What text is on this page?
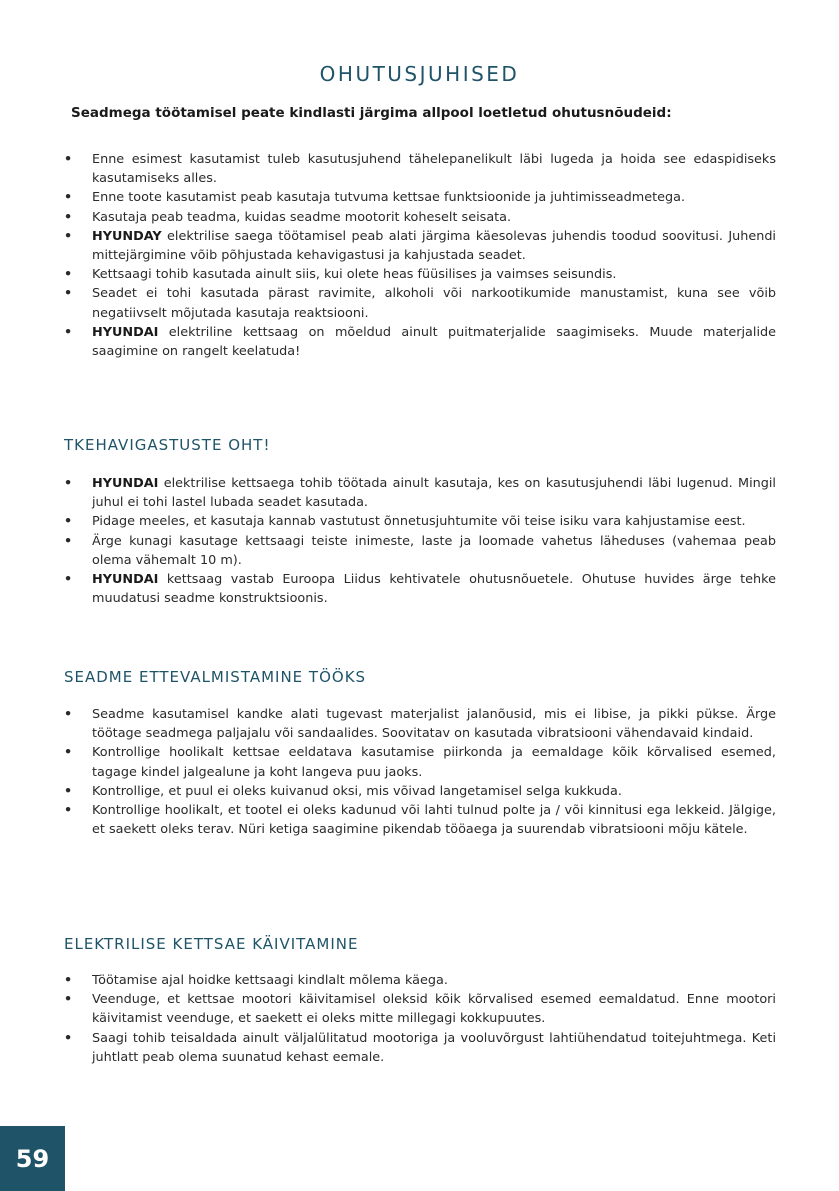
OHUTUSJUHISED
Seadmega töötamisel peate kindlasti järgima allpool loetletud ohutusnõudeid:
• Enne esimest kasutamist tuleb kasutusjuhend tähelepanelikult läbi lugeda ja hoida see edaspidiseks kasutamiseks alles.
• Enne toote kasutamist peab kasutaja tutvuma kettsae funktsioonide ja juhtimisseadmetega.
• Kasutaja peab teadma, kuidas seadme mootorit koheselt seisata.
• HYUNDAY elektrilise saega töötamisel peab alati järgima käesolevas juhendis toodud soovitusi. Juhendi mittejärgimine võib põhjustada kehavigastusi ja kahjustada seadet.
• Kettsaagi tohib kasutada ainult siis, kui olete heas füüsilises ja vaimses seisundis.
• Seadet ei tohi kasutada pärast ravimite, alkoholi või narkootikumide manustamist, kuna see võib negatiivselt mõjutada kasutaja reaktsiooni.
• HYUNDAI elektriline kettsaag on mõeldud ainult puitmaterjalide saagimiseks. Muude materjalide saagimine on rangelt keelatuda!
TKEHAVIGASTUSTE OHT!
• HYUNDAI elektrilise kettsaega tohib töötada ainult kasutaja, kes on kasutusjuhendi läbi lugenud. Mingil juhul ei tohi lastel lubada seadet kasutada.
• Pidage meeles, et kasutaja kannab vastutust õnnetusjuhtumite või teise isiku vara kahjustamise eest.
• Ärge kunagi kasutage kettsaagi teiste inimeste, laste ja loomade vahetus läheduses (vahemaa peab olema vähemalt 10 m).
• HYUNDAI kettsaag vastab Euroopa Liidus kehtivatele ohutusnõuetele. Ohutuse huvides ärge tehke muudatusi seadme konstruktsioonis.
SEADME ETTEVALMISTAMINE TÖÖKS
• Seadme kasutamisel kandke alati tugevast materjalist jalanõusid, mis ei libise, ja pikki pükse. Ärge töötage seadmega paljajalu või sandaalides. Soovitatav on kasutada vibratsiooni vähendavaid kindaid.
• Kontrollige hoolikalt kettsae eeldatava kasutamise piirkonda ja eemaldage kõik kõrvalised esemed, tagage kindel jalgealune ja koht langeva puu jaoks.
• Kontrollige, et puul ei oleks kuivanud oksi, mis võivad langetamisel selga kukkuda.
• Kontrollige hoolikalt, et tootel ei oleks kadunud või lahti tulnud polte ja / või kinnitusi ega lekkeid. Jälgige, et saekett oleks terav. Nüri ketiga saagimine pikendab tööaega ja suurendab vibratsiooni mõju kätele.
ELEKTRILISE KETTSAE KÄIVITAMINE
• Töötamise ajal hoidke kettsaagi kindlalt mõlema käega.
• Veenduge, et kettsae mootori käivitamisel oleksid kõik kõrvalised esemed eemaldatud. Enne mootori käivitamist veenduge, et saekett ei oleks mitte millegagi kokkupuutes.
• Saagi tohib teisaldada ainult väljalülitatud mootoriga ja vooluvõrgust lahtiühendatud toitejuhtmega. Keti juhtlatt peab olema suunatud kehast eemale.
59
